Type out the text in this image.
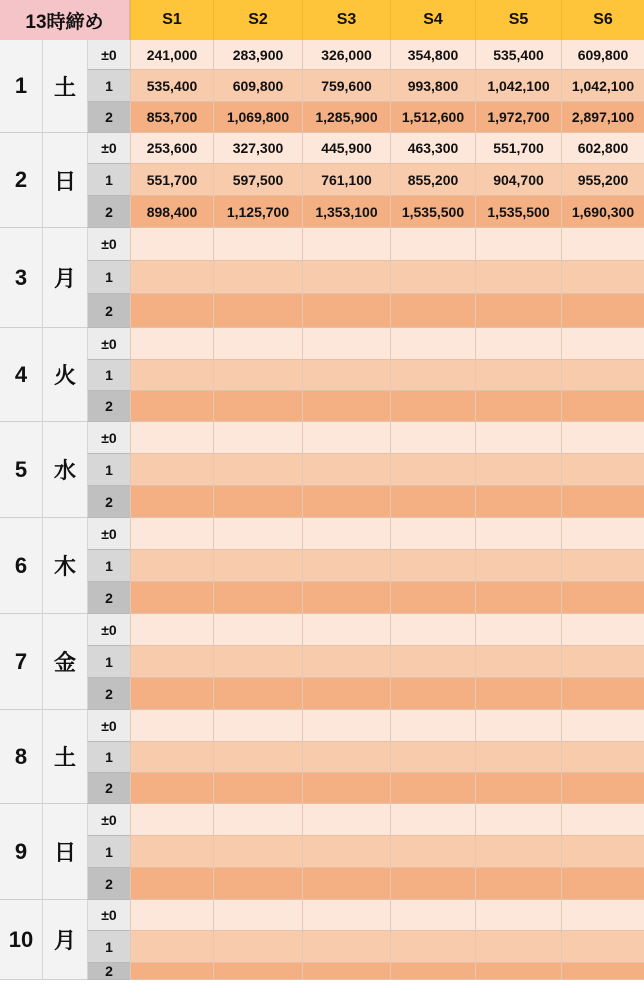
13時締め	S1	S2	S3	S4	S5	S6
1	土
±0	241,000	283,900	326,000	354,800	535,400	609,800
1	535,400	609,800	759,600	993,800	1,042,100	1,042,100
2	853,700	1,069,800	1,285,900	1,512,600	1,972,700	2,897,100
2	日
±0	253,600	327,300	445,900	463,300	551,700	602,800
1	551,700	597,500	761,100	855,200	904,700	955,200
2	898,400	1,125,700	1,353,100	1,535,500	1,535,500	1,690,300
3	月
±0
1
2
4	火
±0
1
2
5	水
±0
1
2
6	木
±0
1
2
7	金
±0
1
2
8	土
±0
1
2
9	日
±0
1
2
10 月
±0
1
2
